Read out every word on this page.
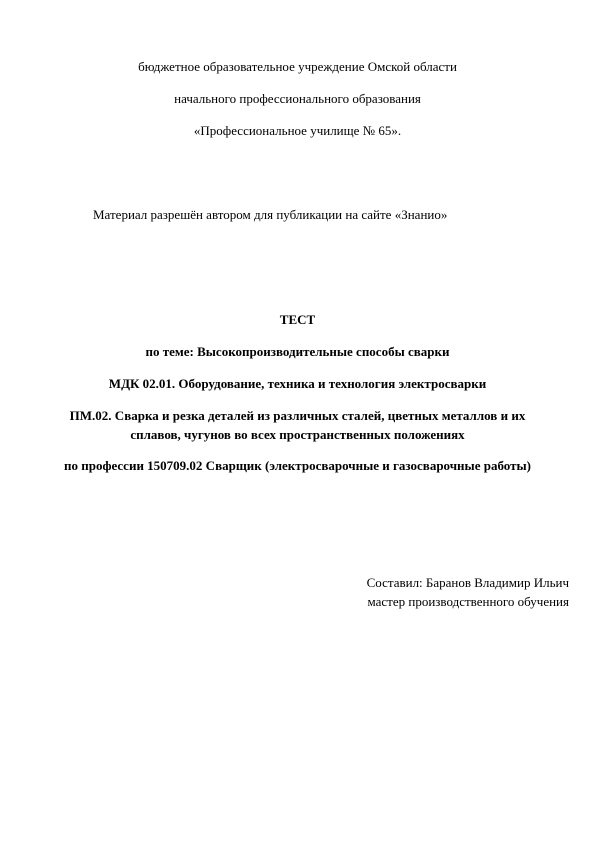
бюджетное образовательное учреждение Омской области
начального профессионального образования
«Профессиональное училище № 65».
Материал разрешён автором для публикации на сайте «Знанио»
ТЕСТ
по теме: Высокопроизводительные способы сварки
МДК 02.01. Оборудование, техника и технология электросварки
ПМ.02. Сварка и резка деталей из различных сталей, цветных металлов и их
сплавов, чугунов во всех пространственных положениях
по профессии 150709.02 Сварщик (электросварочные и газосварочные работы)
Составил: Баранов Владимир Ильич
мастер производственного обучения
